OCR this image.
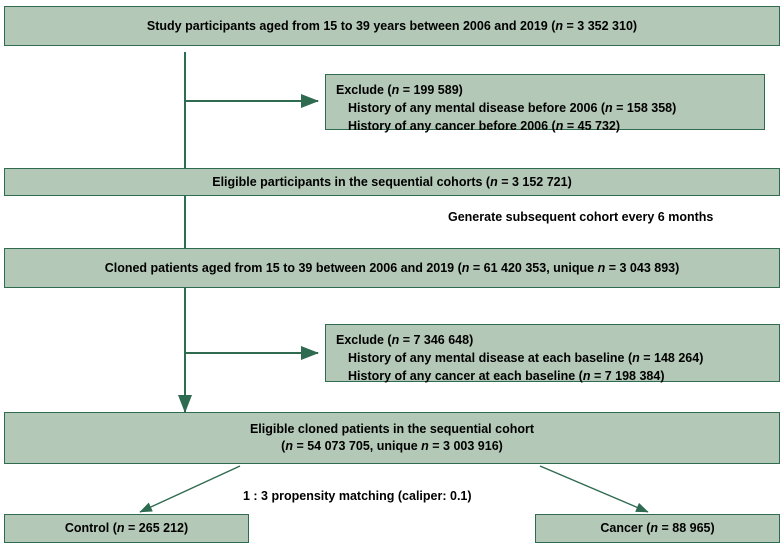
Study participants aged from 15 to 39 years between 2006 and 2019 (n = 3 352 310)
Exclude (n = 199 589)
History of any mental disease before 2006 (n = 158 358)
History of any cancer before 2006 (n = 45 732)
Eligible participants in the sequential cohorts (n = 3 152 721)
Generate subsequent cohort every 6 months
Cloned patients aged from 15 to 39 between 2006 and 2019 (n = 61 420 353, unique n = 3 043 893)
Exclude (n = 7 346 648)
History of any mental disease at each baseline (n = 148 264)
History of any cancer at each baseline (n = 7 198 384)
Eligible cloned patients in the sequential cohort
(n = 54 073 705, unique n = 3 003 916)
1 : 3 propensity matching (caliper: 0.1)
Control (n = 265 212)	Cancer (n = 88 965)
